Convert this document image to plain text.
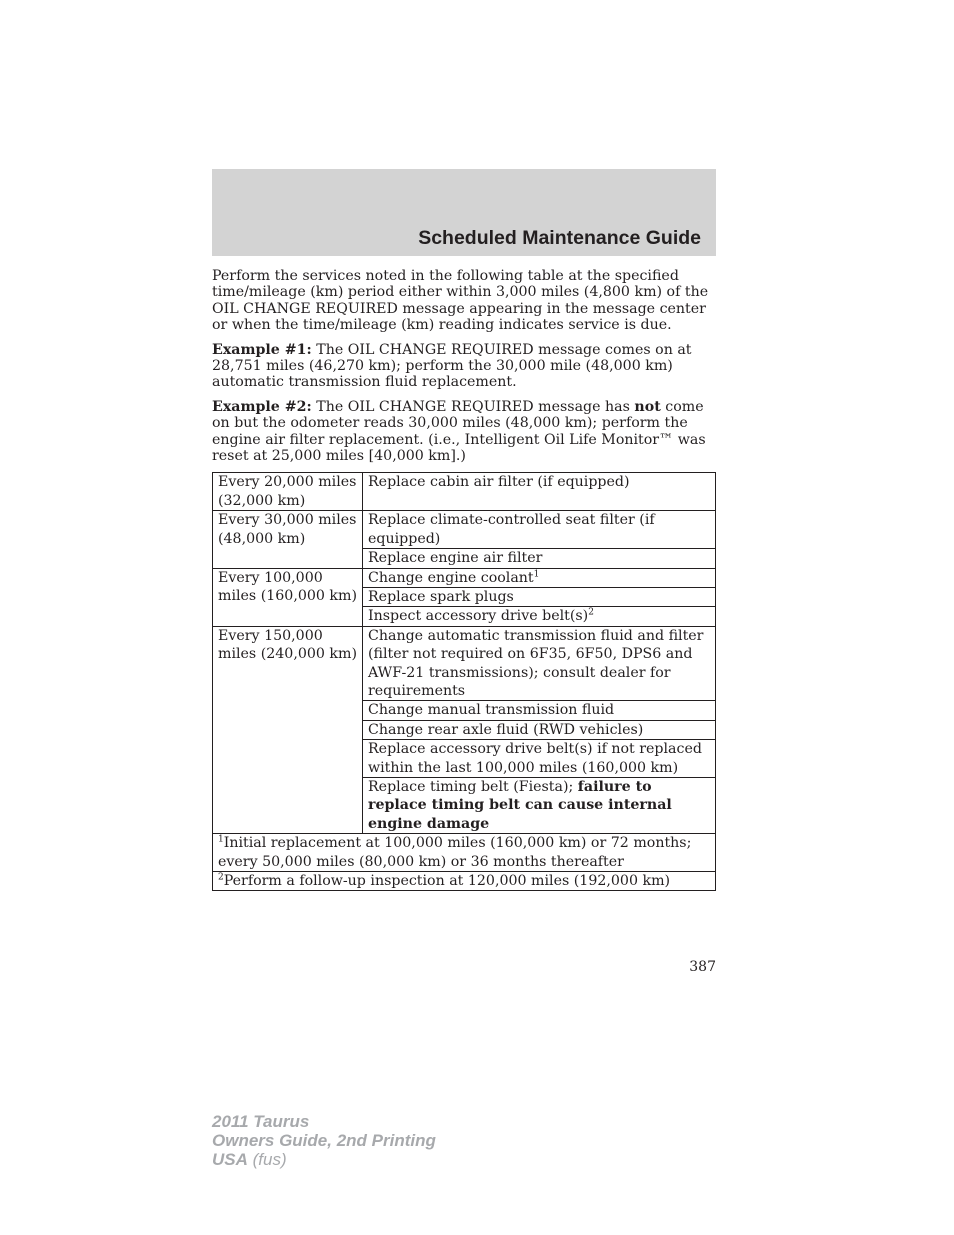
Scheduled Maintenance Guide

Perform the services noted in the following table at the specified time/mileage (km) period either within 3,000 miles (4,800 km) of the OIL CHANGE REQUIRED message appearing in the message center or when the time/mileage (km) reading indicates service is due.

Example #1: The OIL CHANGE REQUIRED message comes on at 28,751 miles (46,270 km); perform the 30,000 mile (48,000 km) automatic transmission fluid replacement.

Example #2: The OIL CHANGE REQUIRED message has not come on but the odometer reads 30,000 miles (48,000 km); perform the engine air filter replacement. (i.e., Intelligent Oil Life Monitor™ was reset at 25,000 miles [40,000 km].)

Every 20,000 miles (32,000 km)	Replace cabin air filter (if equipped)
Every 30,000 miles (48,000 km)	Replace climate-controlled seat filter (if equipped)
	Replace engine air filter
Every 100,000 miles (160,000 km)	Change engine coolant$^1$
	Replace spark plugs
	Inspect accessory drive $belt(s)^2$
Every 150,000 miles (240,000 km)	Change automatic transmission fluid and filter (filter not required on 6F35, 6F50, DPS6 and AWF-21 transmissions); consult dealer for requirements
	Change manual transmission fluid
	Change rear axle fluid (RWD vehicles)
	Replace accessory drive belt(s) if not replaced within the last 100,000 miles (160,000 km)
	Replace timing belt (Fiesta); failure to replace timing belt can cause internal engine damage
$^1$Initial replacement at 100,000 miles (160,000 km) or 72 months; every 50,000 miles (80,000 km) or 36 months thereafter	
$^2$Perform a follow-up inspection at 120,000 miles (192,000 km)	
387
2011 Taurus
Owners Guide, 2nd Printing
USA (fus)
